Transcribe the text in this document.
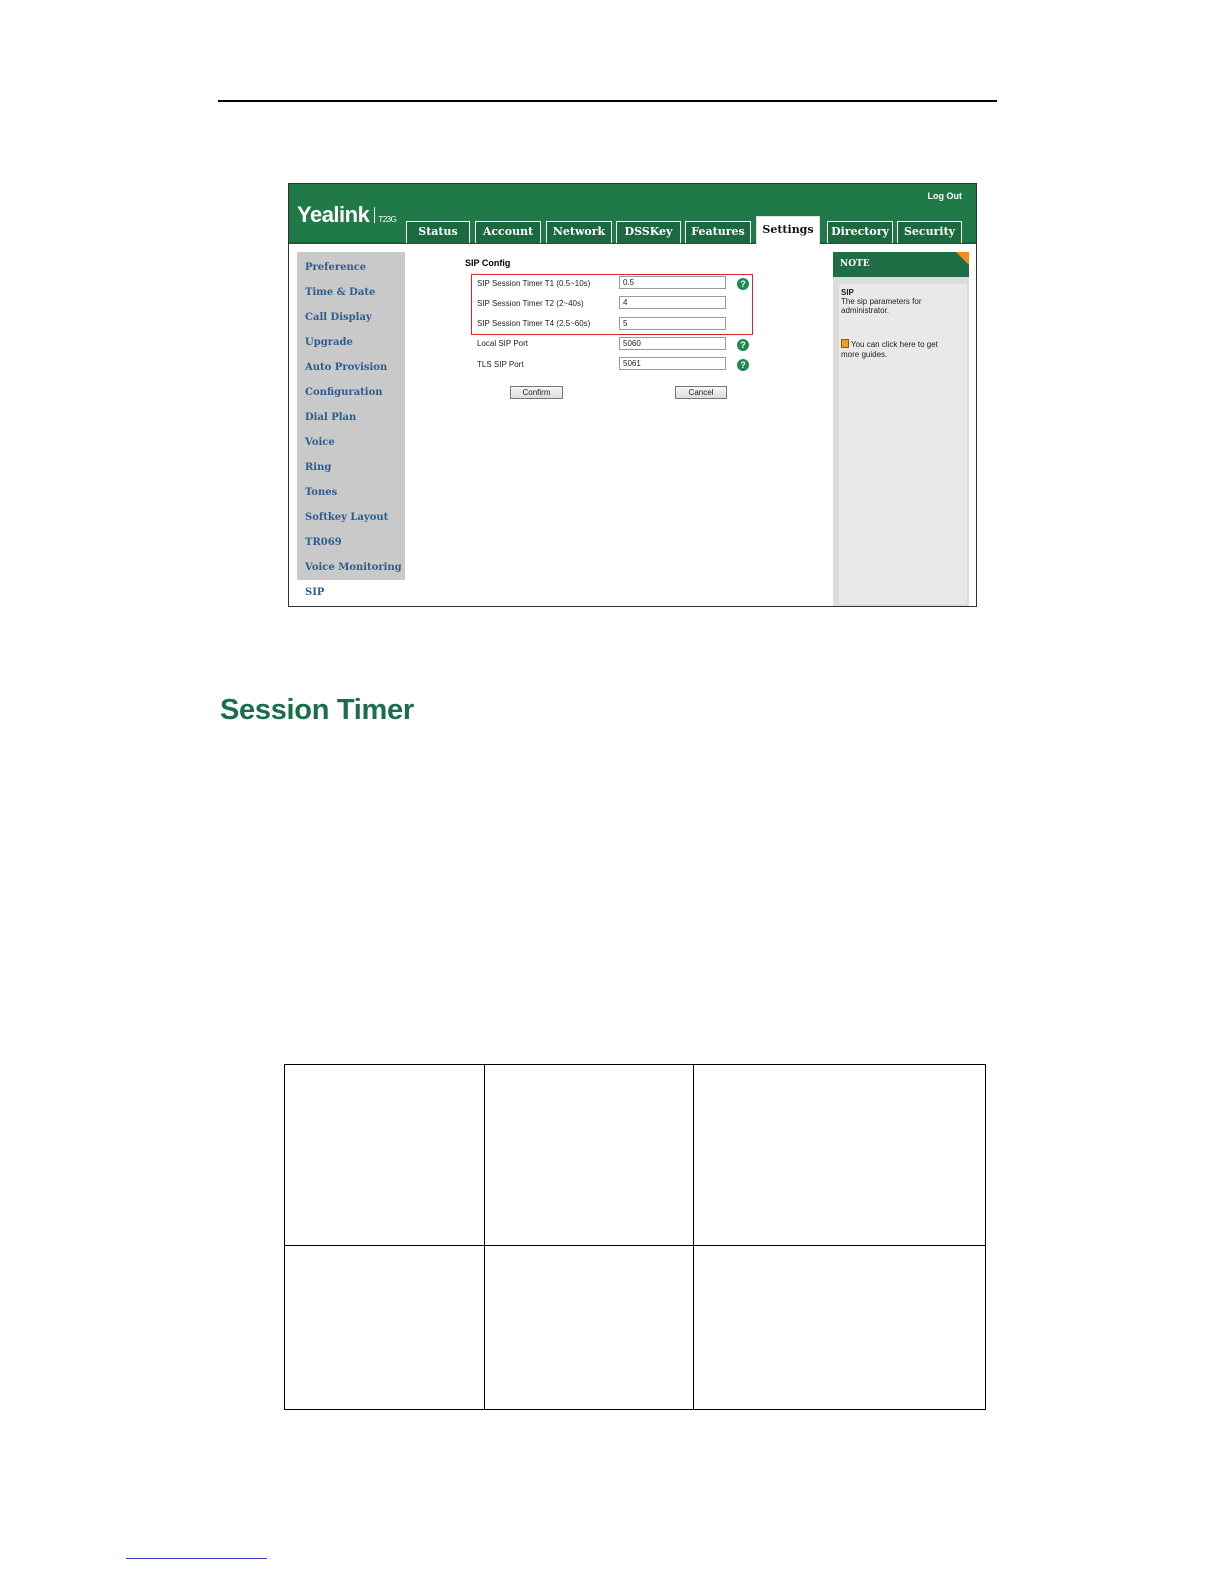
Log Out
Yealink T23G
Status	Account	Network	DSSKey	Features	Settings	Directory	Security
Preference
Time & Date
Call Display
Upgrade
Auto Provision
Configuration
Dial Plan
Voice
Ring
Tones
Softkey Layout
TR069
Voice Monitoring
SIP
SIP Config
SIP Session Timer T1 (0.5~10s)	0.5	?
SIP Session Timer T2 (2~40s)	4
SIP Session Timer T4 (2.5~60s)	5
Local SIP Port	5060	?
TLS SIP Port	5061	?
Confirm	Cancel
NOTE
SIP
The sip parameters for
administrator.
You can click here to get
more guides.
Session Timer
